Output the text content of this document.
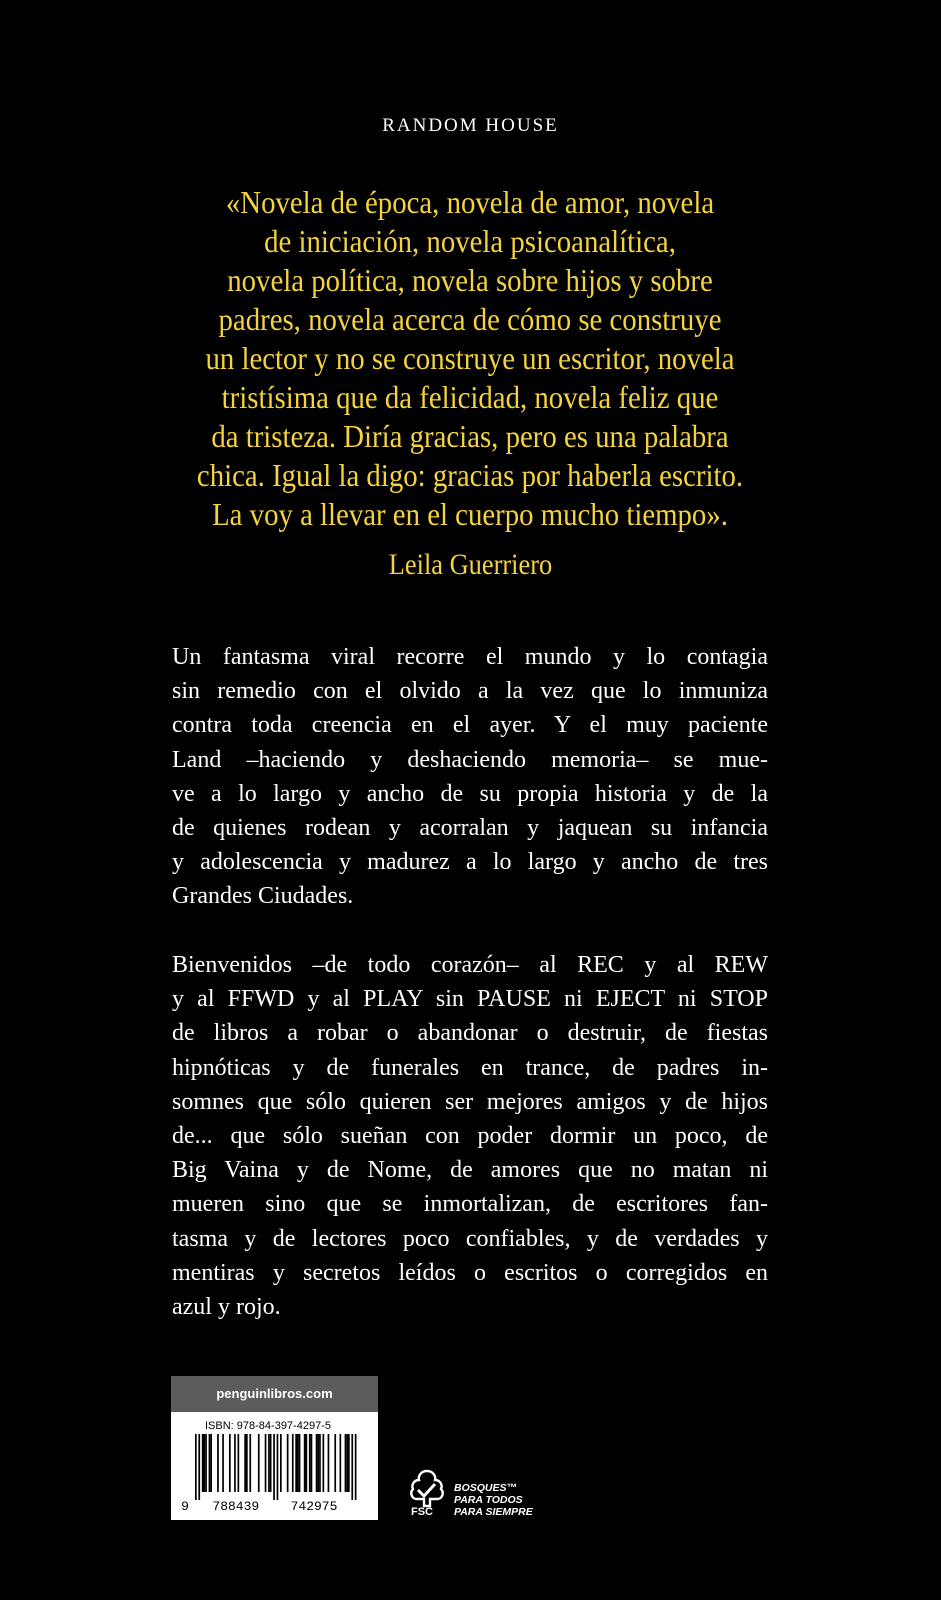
RANDOM HOUSE
«Novela de época, novela de amor, novela
de iniciación, novela psicoanalítica,
novela política, novela sobre hijos y sobre
padres, novela acerca de cómo se construye
un lector y no se construye un escritor, novela
tristísima que da felicidad, novela feliz que
da tristeza. Diría gracias, pero es una palabra
chica. Igual la digo: gracias por haberla escrito.
La voy a llevar en el cuerpo mucho tiempo».
Leila Guerriero
Un fantasma viral recorre el mundo y lo contagia
sin remedio con el olvido a la vez que lo inmuniza
contra toda creencia en el ayer. Y el muy paciente
Land –haciendo y deshaciendo memoria– se mue-
ve a lo largo y ancho de su propia historia y de la
de quienes rodean y acorralan y jaquean su infancia
y adolescencia y madurez a lo largo y ancho de tres
Grandes Ciudades.
Bienvenidos –de todo corazón– al REC y al REW
y al FFWD y al PLAY sin PAUSE ni EJECT ni STOP
de libros a robar o abandonar o destruir, de fiestas
hipnóticas y de funerales en trance, de padres in-
somnes que sólo quieren ser mejores amigos y de hijos
de... que sólo sueñan con poder dormir un poco, de
Big Vaina y de Nome, de amores que no matan ni
mueren sino que se inmortalizan, de escritores fan-
tasma y de lectores poco confiables, y de verdades y
mentiras y secretos leídos o escritos o corregidos en
azul y rojo.
penguinlibros.com
ISBN: 978-84-397-4297-5
9 788439 742975	FSC
BOSQUES™
PARA TODOS
PARA SIEMPRE
